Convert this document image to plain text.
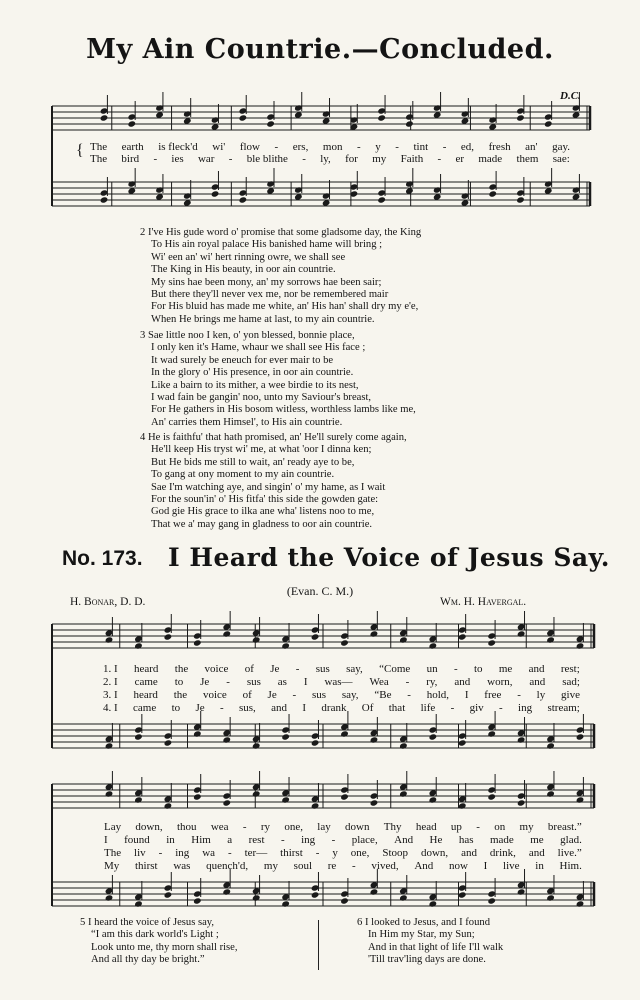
My Ain Countrie.—Concluded.
D.C.
{ The earth is fleck'd wi' flow - ers, mon - y - tint - ed, fresh an' gay.
The bird - ies war - ble blithe - ly, for my Faith - er made them sae:
2 I've His gude word o' promise that some gladsome day, the King
To His ain royal palace His banished hame will bring ;
Wi' een an' wi' hert rinning owre, we shall see
The King in His beauty, in oor ain countrie.
My sins hae been mony, an' my sorrows hae been sair;
But there they'll never vex me, nor be remembered mair
For His bluid has made me white, an' His han' shall dry my e'e,
When He brings me hame at last, to my ain countrie.
3 Sae little noo I ken, o' yon blessed, bonnie place,
I only ken it's Hame, whaur we shall see His face ;
It wad surely be eneuch for ever mair to be
In the glory o' His presence, in oor ain countrie.
Like a bairn to its mither, a wee birdie to its nest,
I wad fain be gangin' noo, unto my Saviour's breast,
For He gathers in His bosom witless, worthless lambs like me,
An' carries them Himsel', to His ain countrie.
4 He is faithfu' that hath promised, an' He'll surely come again,
He'll keep His tryst wi' me, at what 'oor I dinna ken;
But He bids me still to wait, an' ready aye to be,
To gang at ony moment to my ain countrie.
Sae I'm watching aye, and singin' o' my hame, as I wait
For the soun'in' o' His fitfa' this side the gowden gate:
God gie His grace to ilka ane wha' listens noo to me,
That we a' may gang in gladness to oor ain countrie.
No. 173. I Heard the Voice of Jesus Say.
(Evan. C. M.)
H. Bonar, D. D.	Wm. H. Havergal.
1. I heard the voice of Je - sus say, “Come un - to me and rest;
2. I came to Je - sus as I was— Wea - ry, and worn, and sad;
3. I heard the voice of Je - sus say, “Be - hold, I free - ly give
4. I came to Je - sus, and I drank Of that life - giv - ing stream;
Lay down, thou wea - ry one, lay down Thy head up - on my breast.”
I found in Him a rest - ing - place, And He has made me glad.
The liv - ing wa - ter— thirst - y one, Stoop down, and drink, and live.”
My thirst was quench'd, my soul re - vived, And now I live in Him.
5 I heard the voice of Jesus say,
“I am this dark world's Light ;
Look unto me, thy morn shall rise,
And all thy day be bright.”
6 I looked to Jesus, and I found
In Him my Star, my Sun;
And in that light of life I'll walk
'Till trav'ling days are done.
